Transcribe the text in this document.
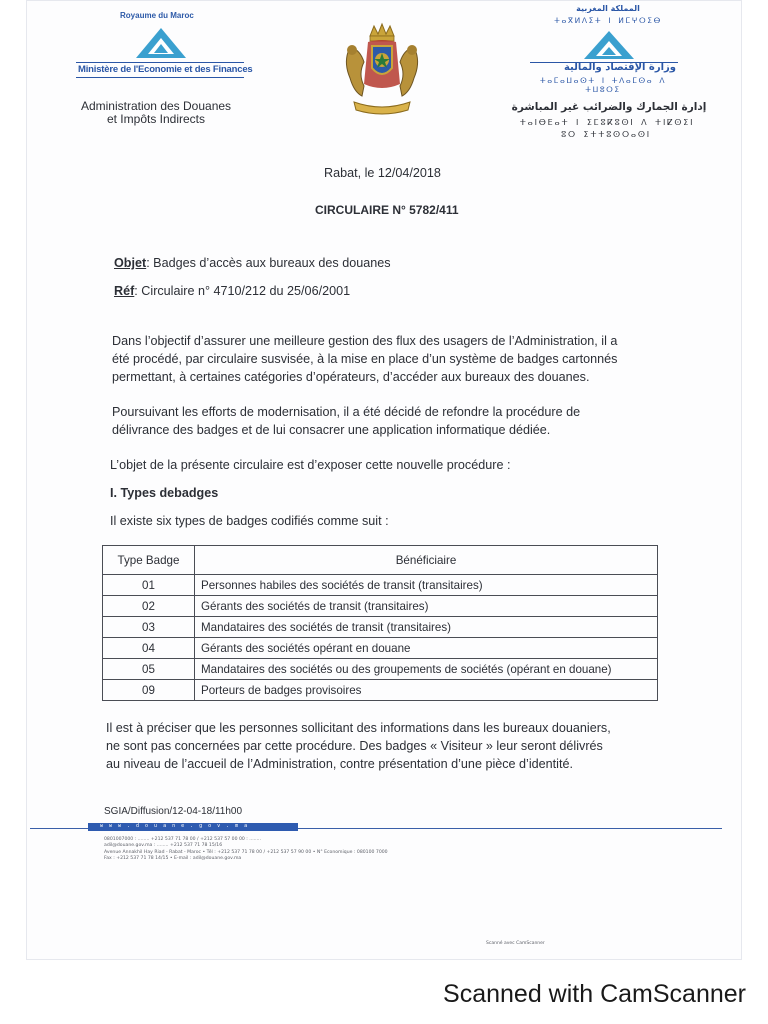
Royaume du Maroc
Ministère de l'Economie et des Finances
Administration des Douanes
et Impôts Indirects
المملكة المغربية
ⵜⴰⴳⵍⴷⵉⵜ ⵏ ⵍⵎⵖⵔⵉⴱ
وزارة الإقتصاد والمالية
ⵜⴰⵎⴰⵡⴰⵙⵜ ⵏ ⵜⴷⴰⵎⵙⴰ ⴷ ⵜⵡⵓⵔⵉ
إدارة الجمارك والضرائب غير المباشرة
ⵜⴰⵏⴱⴹⴰⵜ ⵏ ⵉⵎⵓⴽⵓⵙⵏ ⴷ ⵜⵏⵇⵙⵉⵏ
ⵓⵔ ⵉⵜⵜⵓⵙⵔⴰⵙⵏ
Rabat, le 12/04/2018
CIRCULAIRE N° 5782/411
Objet: Badges d’accès aux bureaux des douanes
Réf: Circulaire n° 4710/212 du 25/06/2001
Dans l’objectif d’assurer une meilleure gestion des flux des usagers de l’Administration, il a
été procédé, par circulaire susvisée, à la mise en place d’un système de badges cartonnés
permettant, à certaines catégories d’opérateurs, d’accéder aux bureaux des douanes.
Poursuivant les efforts de modernisation, il a été décidé de refondre la procédure de
délivrance des badges et de lui consacrer une application informatique dédiée.
L’objet de la présente circulaire est d’exposer cette nouvelle procédure :
I. Types debadges
Il existe six types de badges codifiés comme suit :
Type Badge	Bénéficiaire
01	Personnes habiles des sociétés de transit (transitaires)
02	Gérants des sociétés de transit (transitaires)
03	Mandataires des sociétés de transit (transitaires)
04	Gérants des sociétés opérant en douane
05	Mandataires des sociétés ou des groupements de sociétés (opérant en douane)
09	Porteurs de badges provisoires
Il est à préciser que les personnes sollicitant des informations dans les bureaux douaniers,
ne sont pas concernées par cette procédure. Des badges « Visiteur » leur seront délivrés
au niveau de l’accueil de l’Administration, contre présentation d’une pièce d’identité.
SGIA/Diffusion/12-04-18/11h00
www.douane.gov.ma
0801007000 : ........ +212 537 71 78 00 / +212 537 57 00 00 : ........
adil@douane.gov.ma : ........ +212 537 71 78 15/16
Avenue Annakhil Hay Riad - Rabat - Maroc • Tél : +212 537 71 78 00 / +212 537 57 90 00 • N° Economique : 080100 7000
Fax : +212 537 71 78 14/15 • E-mail : adil@douane.gov.ma
Scanné avec CamScanner
Scanned with CamScanner
